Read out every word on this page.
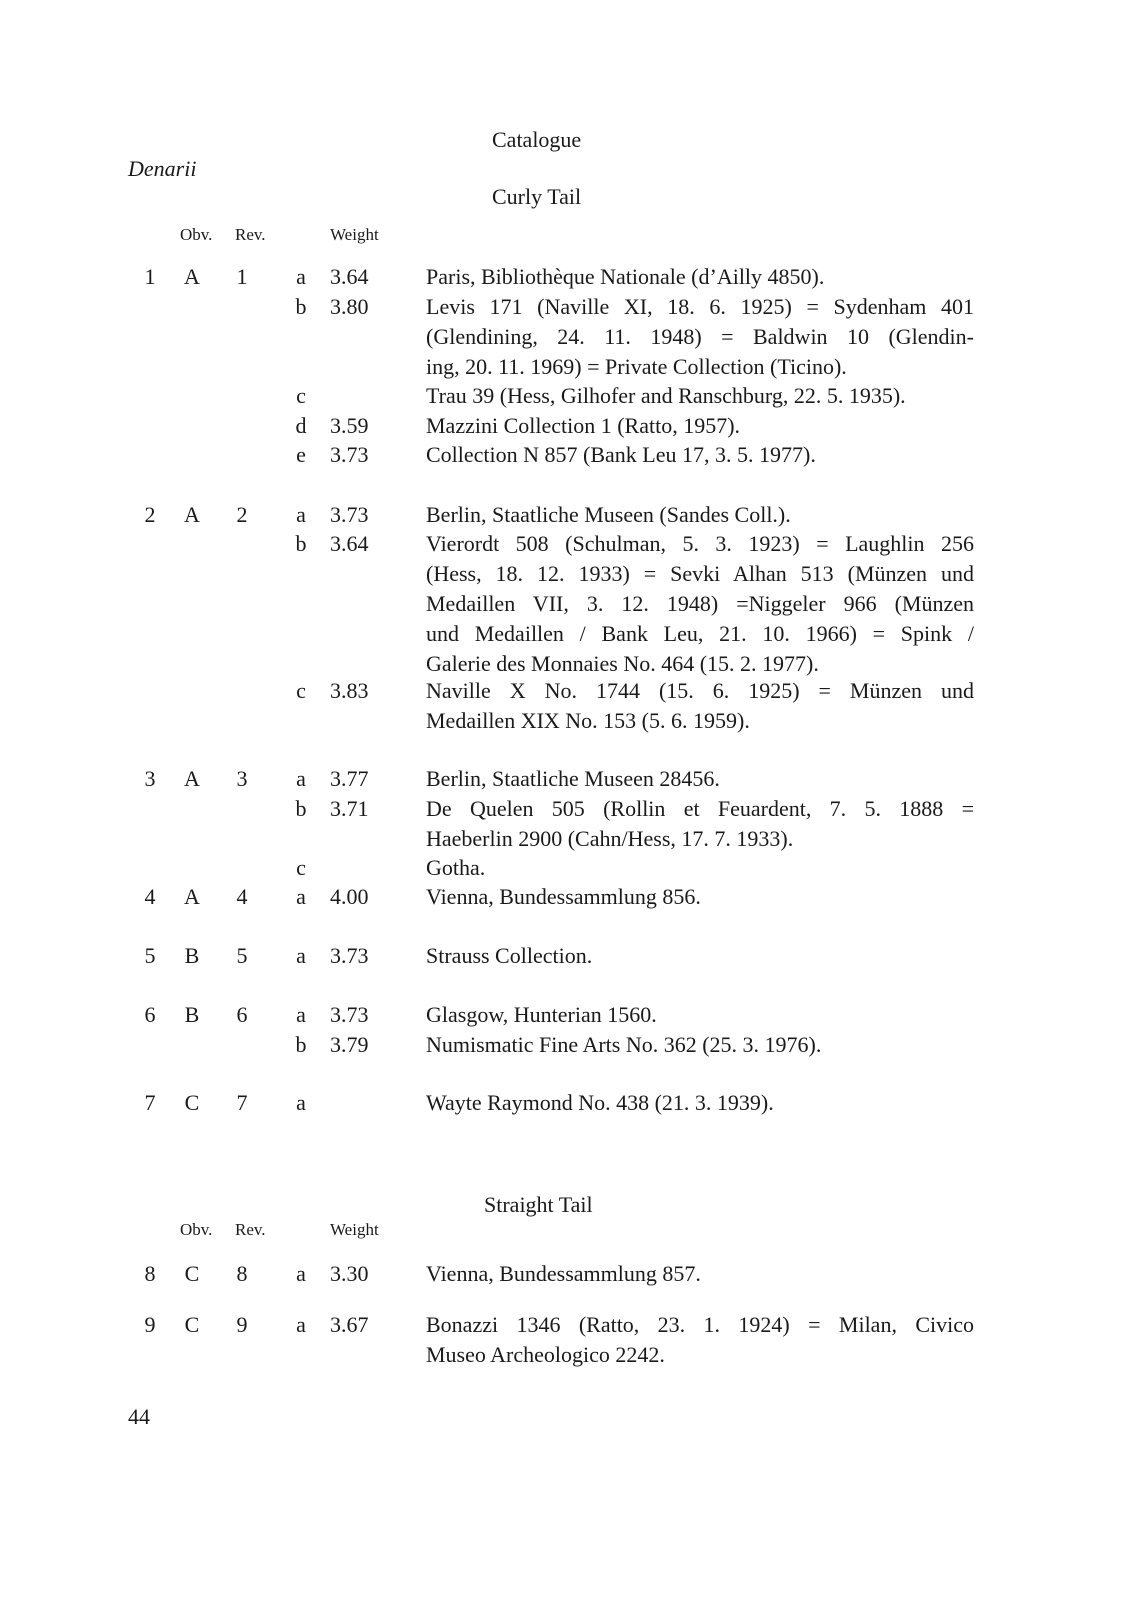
Catalogue
Denarii
Curly Tail
Obv. Rev.	Weight
1 A 1 a 3.64	Paris, Bibliothèque Nationale (d’Ailly 4850).
b 3.80	Levis 171 (Naville XI, 18. 6. 1925) = Sydenham 401
(Glendining, 24. 11. 1948) = Baldwin 10 (Glendin-
ing, 20. 11. 1969) = Private Collection (Ticino).
c	Trau 39 (Hess, Gilhofer and Ranschburg, 22. 5. 1935).
d 3.59	Mazzini Collection 1 (Ratto, 1957).
e 3.73	Collection N 857 (Bank Leu 17, 3. 5. 1977).
2 A 2 a 3.73	Berlin, Staatliche Museen (Sandes Coll.).
b 3.64	Vierordt 508 (Schulman, 5. 3. 1923) = Laughlin 256
(Hess, 18. 12. 1933) = Sevki Alhan 513 (Münzen und
Medaillen VII, 3. 12. 1948) =Niggeler 966 (Münzen
und Medaillen / Bank Leu, 21. 10. 1966) = Spink /
Galerie des Monnaies No. 464 (15. 2. 1977).
c 3.83	Naville X No. 1744 (15. 6. 1925) = Münzen und
Medaillen XIX No. 153 (5. 6. 1959).
3 A 3 a 3.77	Berlin, Staatliche Museen 28456.
b 3.71	De Quelen 505 (Rollin et Feuardent, 7. 5. 1888 =
Haeberlin 2900 (Cahn/Hess, 17. 7. 1933).
c	Gotha.
4 A 4 a 4.00	Vienna, Bundessammlung 856.
5 B 5 a 3.73	Strauss Collection.
6 B 6 a 3.73	Glasgow, Hunterian 1560.
b 3.79	Numismatic Fine Arts No. 362 (25. 3. 1976).
7 C 7 a	Wayte Raymond No. 438 (21. 3. 1939).
Straight Tail
Obv. Rev.	Weight
8 C 8 a 3.30	Vienna, Bundessammlung 857.
9 C 9 a 3.67	Bonazzi 1346 (Ratto, 23. 1. 1924) = Milan, Civico
Museo Archeologico 2242.
44
